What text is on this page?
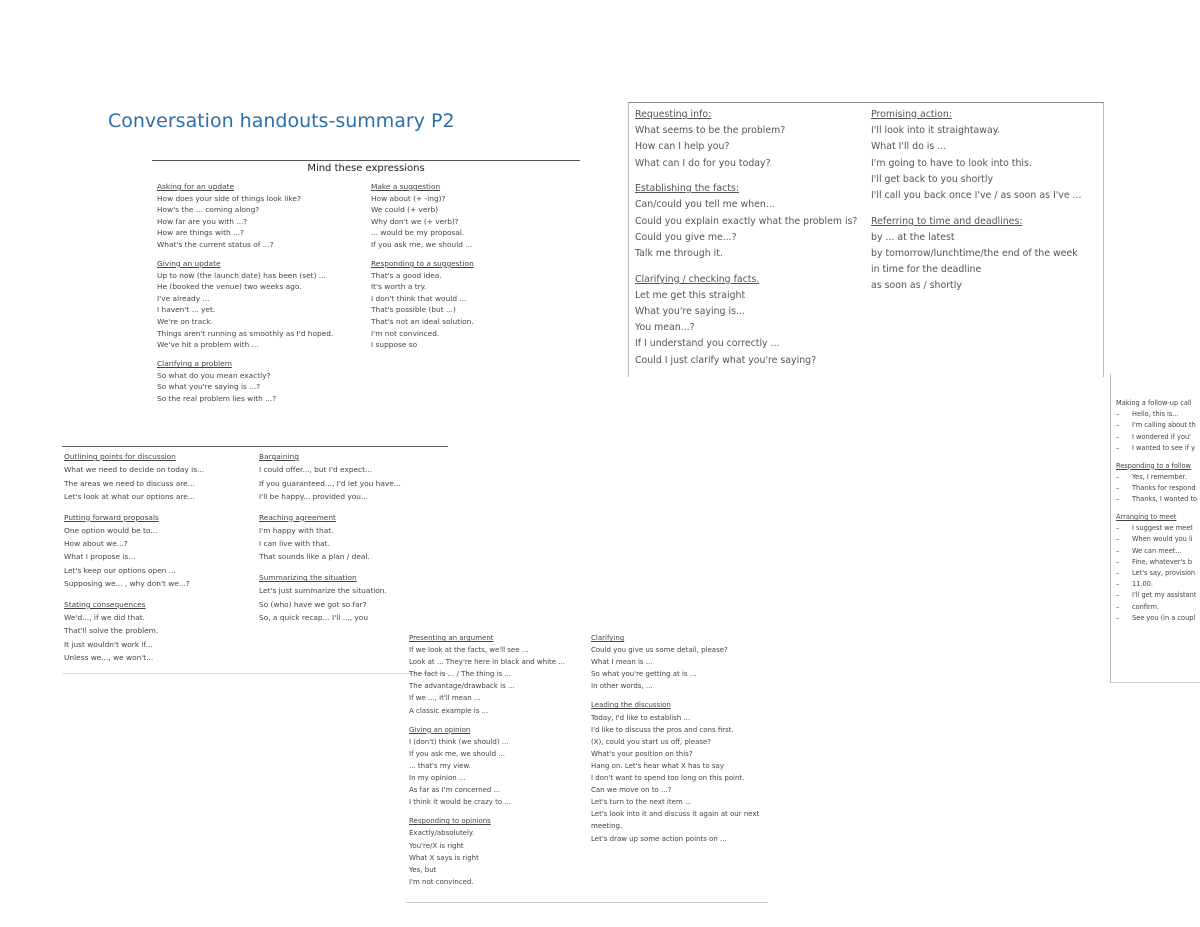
Conversation handouts-summary P2
Mind these expressions
Asking for an update
How does your side of things look like?
How's the ... coming along?
How far are you with ...?
How are things with ...?
What's the current status of ...?
Giving an update
Up to now (the launch date) has been (set) ...
He (booked the venue) two weeks ago.
I've already ...
I haven't ... yet.
We're on track.
Things aren't running as smoothly as I'd hoped.
We've hit a problem with ...
Clarifying a problem
So what do you mean exactly?
So what you're saying is ...?
So the real problem lies with ...?
Make a suggestion
How about (+ -ing)?
We could (+ verb)
Why don't we (+ verb)?
... would be my proposal.
If you ask me, we should ...
Responding to a suggestion
That's a good idea.
It's worth a try.
I don't think that would ...
That's possible (but ...)
That's not an ideal solution.
I'm not convinced.
I suppose so
Requesting info:
What seems to be the problem?
How can I help you?
What can I do for you today?
Establishing the facts:
Can/could you tell me when...
Could you explain exactly what the problem is?
Could you give me...?
Talk me through it.
Clarifying / checking facts.
Let me get this straight
What you're saying is...
You mean...?
If I understand you correctly ...
Could I just clarify what you're saying?
Promising action:
I'll look into it straightaway.
What I'll do is ...
I'm going to have to look into this.
I'll get back to you shortly
I'll call you back once I've / as soon as I've ...
Referring to time and deadlines:
by ... at the latest
by tomorrow/lunchtime/the end of the week
in time for the deadline
as soon as / shortly
Outlining points for discussion
What we need to decide on today is...
The areas we need to discuss are...
Let's look at what our options are...
Putting forward proposals
One option would be to...
How about we...?
What I propose is...
Let's keep our options open ...
Supposing we... , why don't we...?
Stating consequences
We'd..., if we did that.
That'll solve the problem.
It just wouldn't work if...
Unless we..., we won't...
Bargaining
I could offer..., but I'd expect...
If you guaranteed..., I'd let you have...
I'll be happy... provided you...
Reaching agreement
I'm happy with that.
I can live with that.
That sounds like a plan / deal.
Summarizing the situation
Let's just summarize the situation.
So (who) have we got so far?
So, a quick recap... I'll ..., you
Presenting an argument
If we look at the facts, we'll see ...
Look at ... They're here in black and white ...
The fact is ... / The thing is ...
The advantage/drawback is ...
If we ..., it'll mean ...
A classic example is ...
Giving an opinion
I (don't) think (we should) ...
If you ask me, we should ...
... that's my view.
In my opinion ...
As far as I'm concerned ...
I think it would be crazy to ...
Responding to opinions
Exactly/absolutely.
You're/X is right
What X says is right
Yes, but
I'm not convinced.
Clarifying
Could you give us some detail, please?
What I mean is ...
So what you're getting at is ...
In other words, ...
Leading the discussion
Today, I'd like to establish ...
I'd like to discuss the pros and cons first.
(X), could you start us off, please?
What's your position on this?
Hang on. Let's hear what X has to say
I don't want to spend too long on this point.
Can we move on to ...?
Let's turn to the next item ...
Let's look into it and discuss it again at our next
meeting.
Let's draw up some action points on ...
Making a follow-up call
– Hello, this is...
– I'm calling about th
– I wondered if you'
– I wanted to see if y
Responding to a follow
– Yes, I remember.
– Thanks for respond
– Thanks, I wanted to
Arranging to meet
– I suggest we meet
– When would you li
– We can meet...
– Fine, whatever's b
– Let's say, provision
– 11.00.
– I'll get my assistant
– confirm.
– See you (in a coupl
